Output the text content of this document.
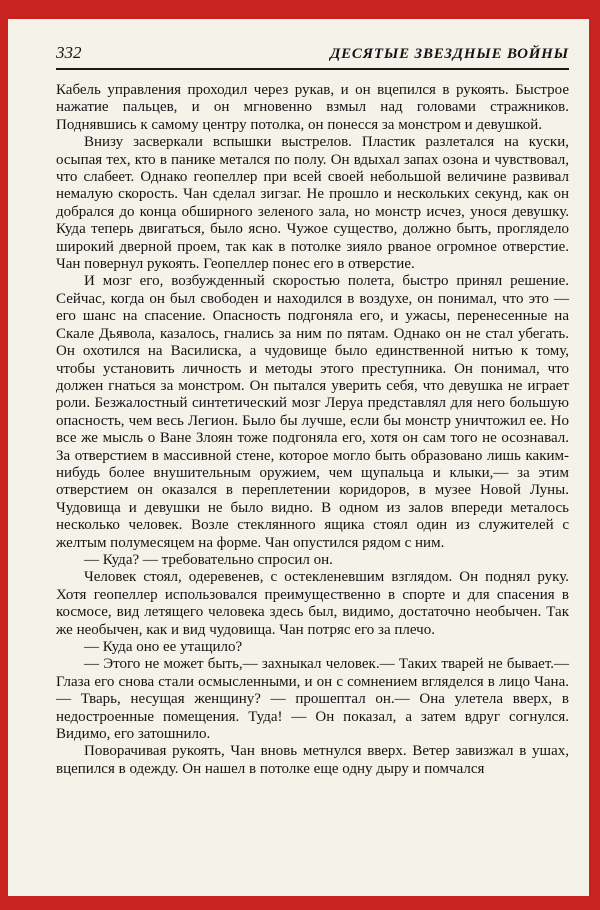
332	ДЕСЯТЫЕ ЗВЕЗДНЫЕ ВОЙНЫ

Кабель управления проходил через рукав, и он вцепился в рукоять. Быстрое нажатие пальцев, и он мгновенно взмыл над головами стражников. Поднявшись к самому центру потолка, он понесся за монстром и девушкой.

Внизу засверкали вспышки выстрелов. Пластик разлетался на куски, осыпая тех, кто в панике метался по полу. Он вдыхал запах озона и чувствовал, что слабеет. Однако геопеллер при всей своей небольшой величине развивал немалую скорость. Чан сделал зигзаг. Не прошло и нескольких секунд, как он добрался до конца обширного зеленого зала, но монстр исчез, унося девушку. Куда теперь двигаться, было ясно. Чужое существо, должно быть, проглядело широкий дверной проем, так как в потолке зияло рваное огромное отверстие. Чан повернул рукоять. Геопеллер понес его в отверстие.

И мозг его, возбужденный скоростью полета, быстро принял решение. Сейчас, когда он был свободен и находился в воздухе, он понимал, что это — его шанс на спасение. Опасность подгоняла его, и ужасы, перенесенные на Скале Дьявола, казалось, гнались за ним по пятам. Однако он не стал убегать. Он охотился на Василиска, а чудовище было единственной нитью к тому, чтобы установить личность и методы этого преступника. Он понимал, что должен гнаться за монстром. Он пытался уверить себя, что девушка не играет роли. Безжалостный синтетический мозг Леруа представлял для него большую опасность, чем весь Легион. Было бы лучше, если бы монстр уничтожил ее. Но все же мысль о Ване Злоян тоже подгоняла его, хотя он сам того не осознавал. За отверстием в массивной стене, которое могло быть образовано лишь каким-нибудь более внушительным оружием, чем щупальца и клыки,— за этим отверстием он оказался в переплетении коридоров, в музее Новой Луны. Чудовища и девушки не было видно. В одном из залов впереди металось несколько человек. Возле стеклянного ящика стоял один из служителей с желтым полумесяцем на форме. Чан опустился рядом с ним.

— Куда? — требовательно спросил он.

Человек стоял, одеревенев, с остекленевшим взглядом. Он поднял руку. Хотя геопеллер использовался преимущественно в спорте и для спасения в космосе, вид летящего человека здесь был, видимо, достаточно необычен. Так же необычен, как и вид чудовища. Чан потряс его за плечо.

— Куда оно ее утащило?

— Этого не может быть,— захныкал человек.— Таких тварей не бывает.— Глаза его снова стали осмысленными, и он с сомнением вгляделся в лицо Чана.— Тварь, несущая женщину? — прошептал он.— Она улетела вверх, в недостроенные помещения. Туда! — Он показал, а затем вдруг согнулся. Видимо, его затошнило.

Поворачивая рукоять, Чан вновь метнулся вверх. Ветер завизжал в ушах, вцепился в одежду. Он нашел в потолке еще одну дыру и помчался
